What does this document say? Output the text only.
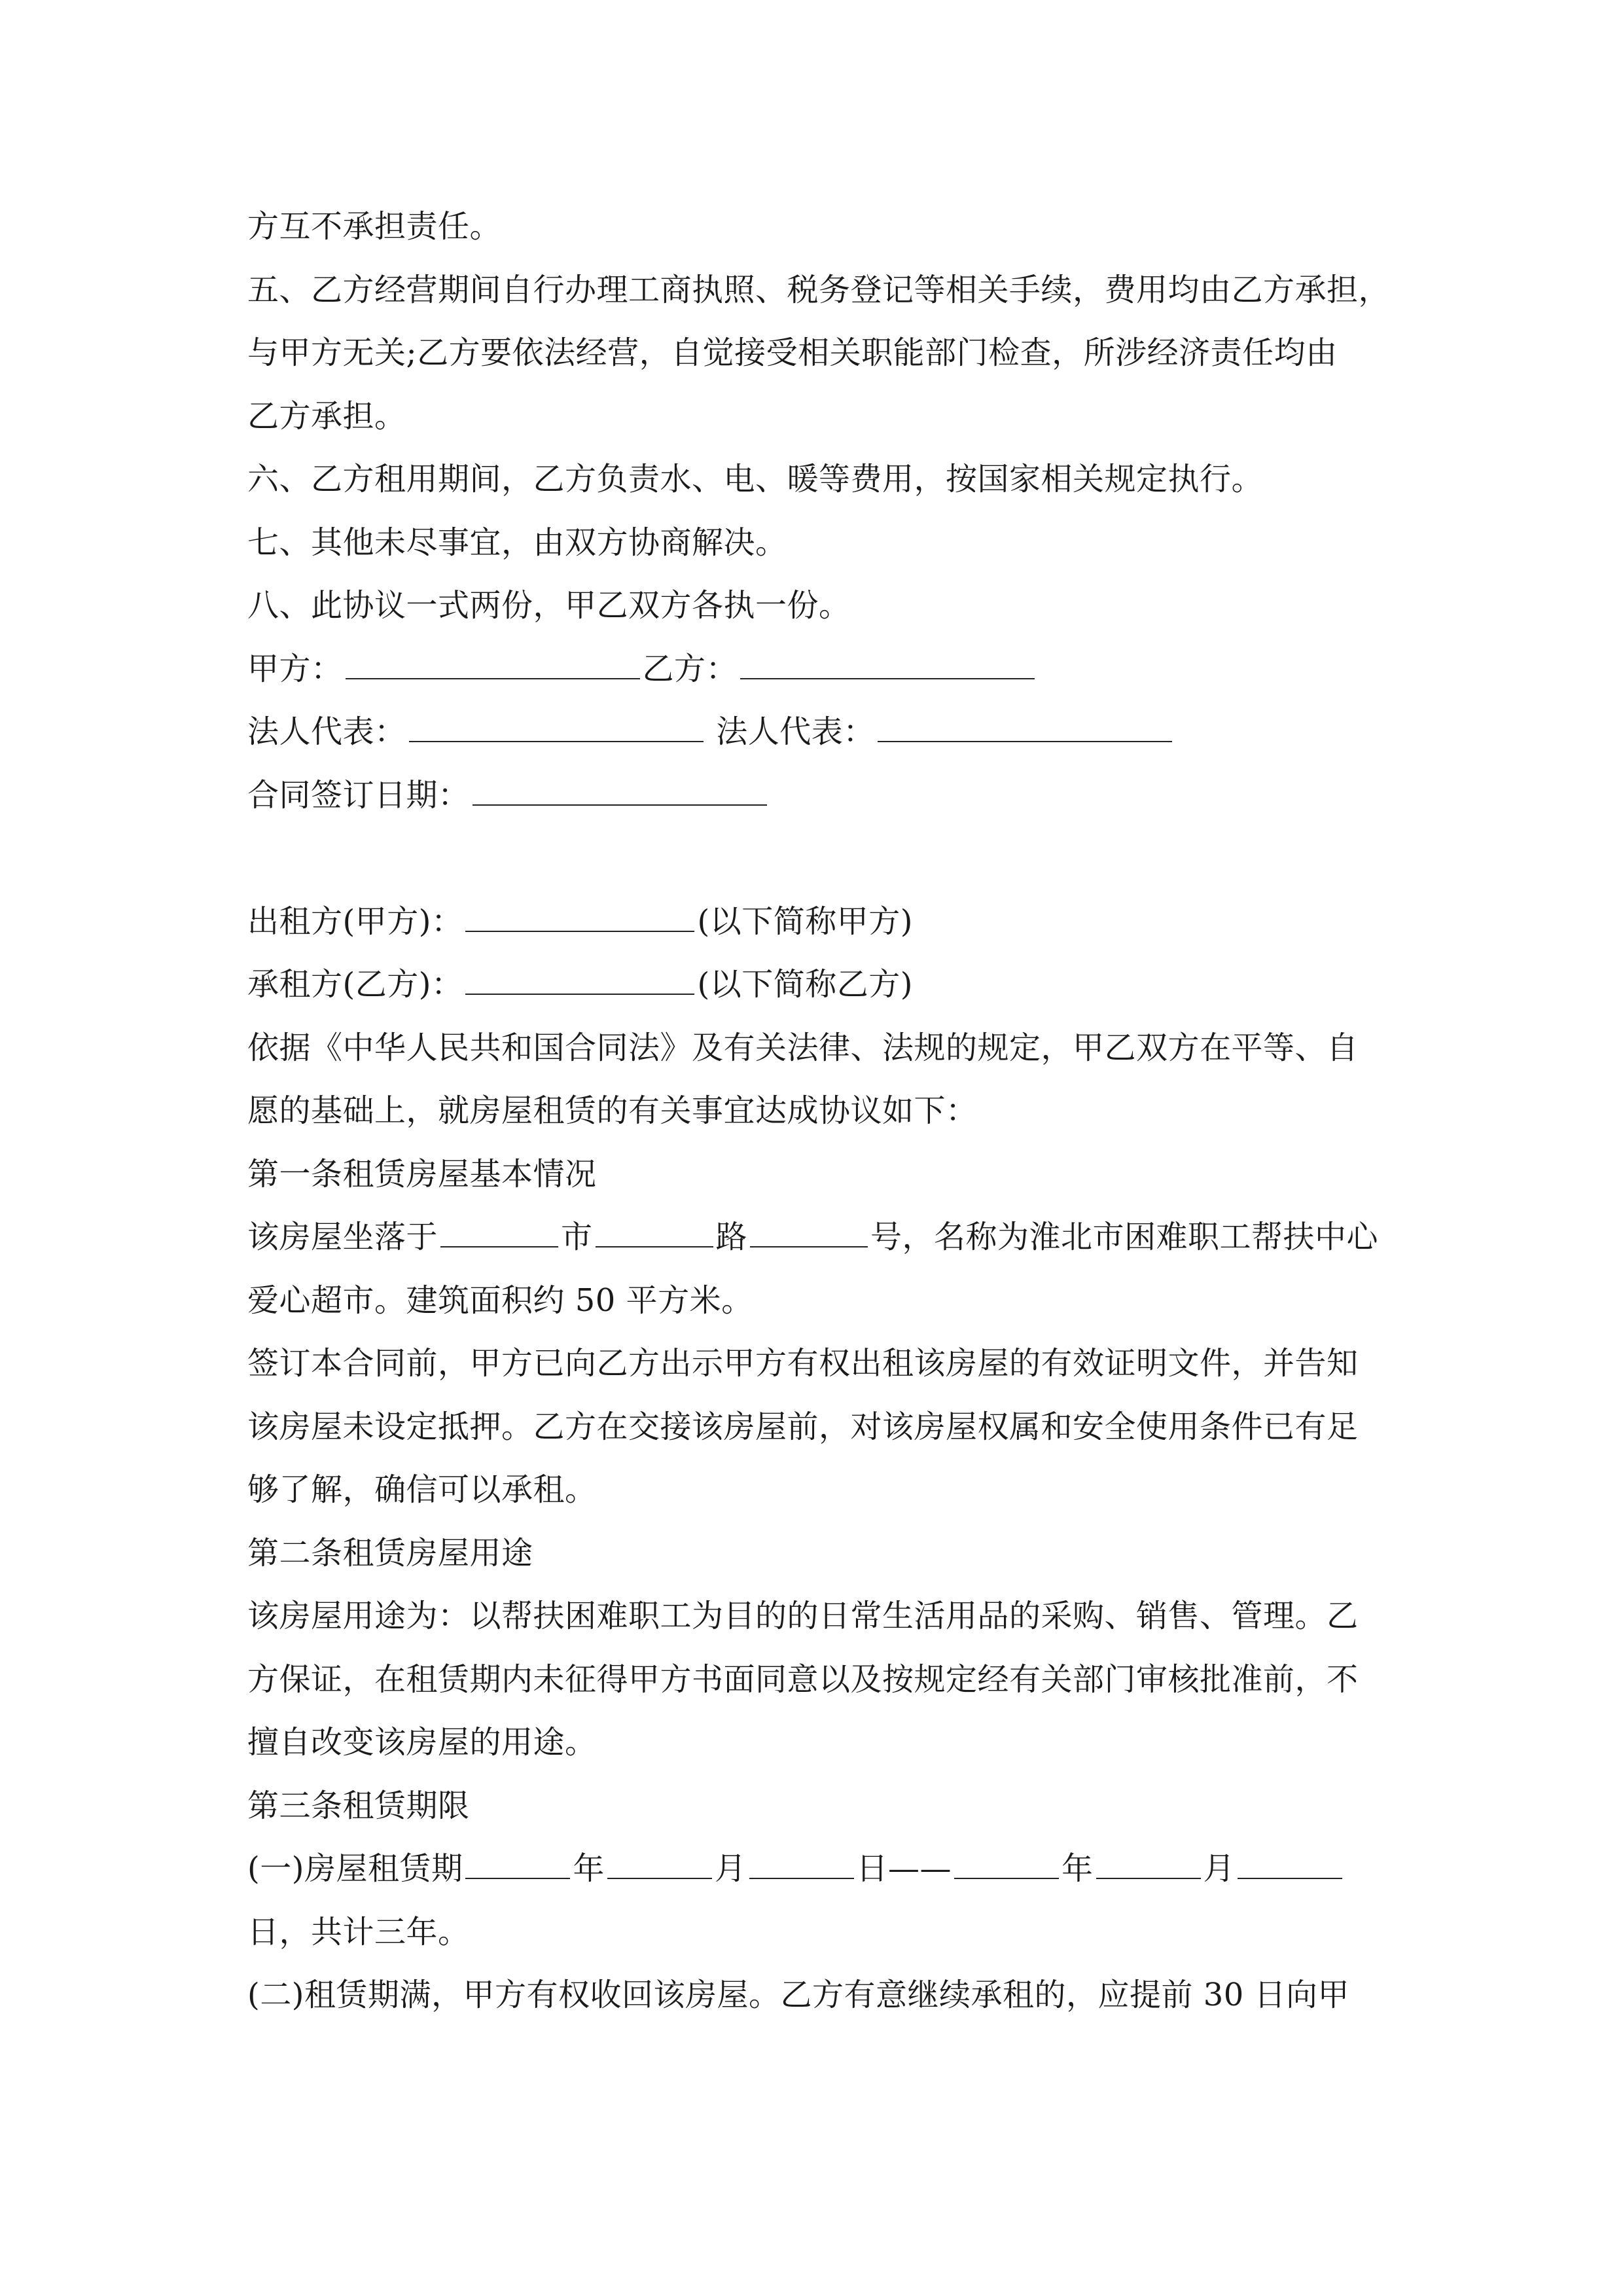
方互不承担责任。
五、乙方经营期间自行办理工商执照、税务登记等相关手续，费用均由乙方承担，
与甲方无关;乙方要依法经营，自觉接受相关职能部门检查，所涉经济责任均由
乙方承担。
六、乙方租用期间，乙方负责水、电、暖等费用，按国家相关规定执行。
七、其他未尽事宜，由双方协商解决。
八、此协议一式两份，甲乙双方各执一份。
甲方：	乙方：
法人代表：	法人代表：
合同签订日期：
出租方(甲方)：	(以下简称甲方)
承租方(乙方)：	(以下简称乙方)
依据《中华人民共和国合同法》及有关法律、法规的规定，甲乙双方在平等、自
愿的基础上，就房屋租赁的有关事宜达成协议如下：
第一条租赁房屋基本情况
该房屋坐落于	市	路	号，名称为淮北市困难职工帮扶中心
爱心超市。建筑面积约 50 平方米。
签订本合同前，甲方已向乙方出示甲方有权出租该房屋的有效证明文件，并告知
该房屋未设定抵押。乙方在交接该房屋前，对该房屋权属和安全使用条件已有足
够了解，确信可以承租。
第二条租赁房屋用途
该房屋用途为：以帮扶困难职工为目的的日常生活用品的采购、销售、管理。乙
方保证，在租赁期内未征得甲方书面同意以及按规定经有关部门审核批准前，不
擅自改变该房屋的用途。
第三条租赁期限
(一)房屋租赁期	年	月	日——	年	月
日，共计三年。
(二)租赁期满，甲方有权收回该房屋。乙方有意继续承租的，应提前 30 日向甲
